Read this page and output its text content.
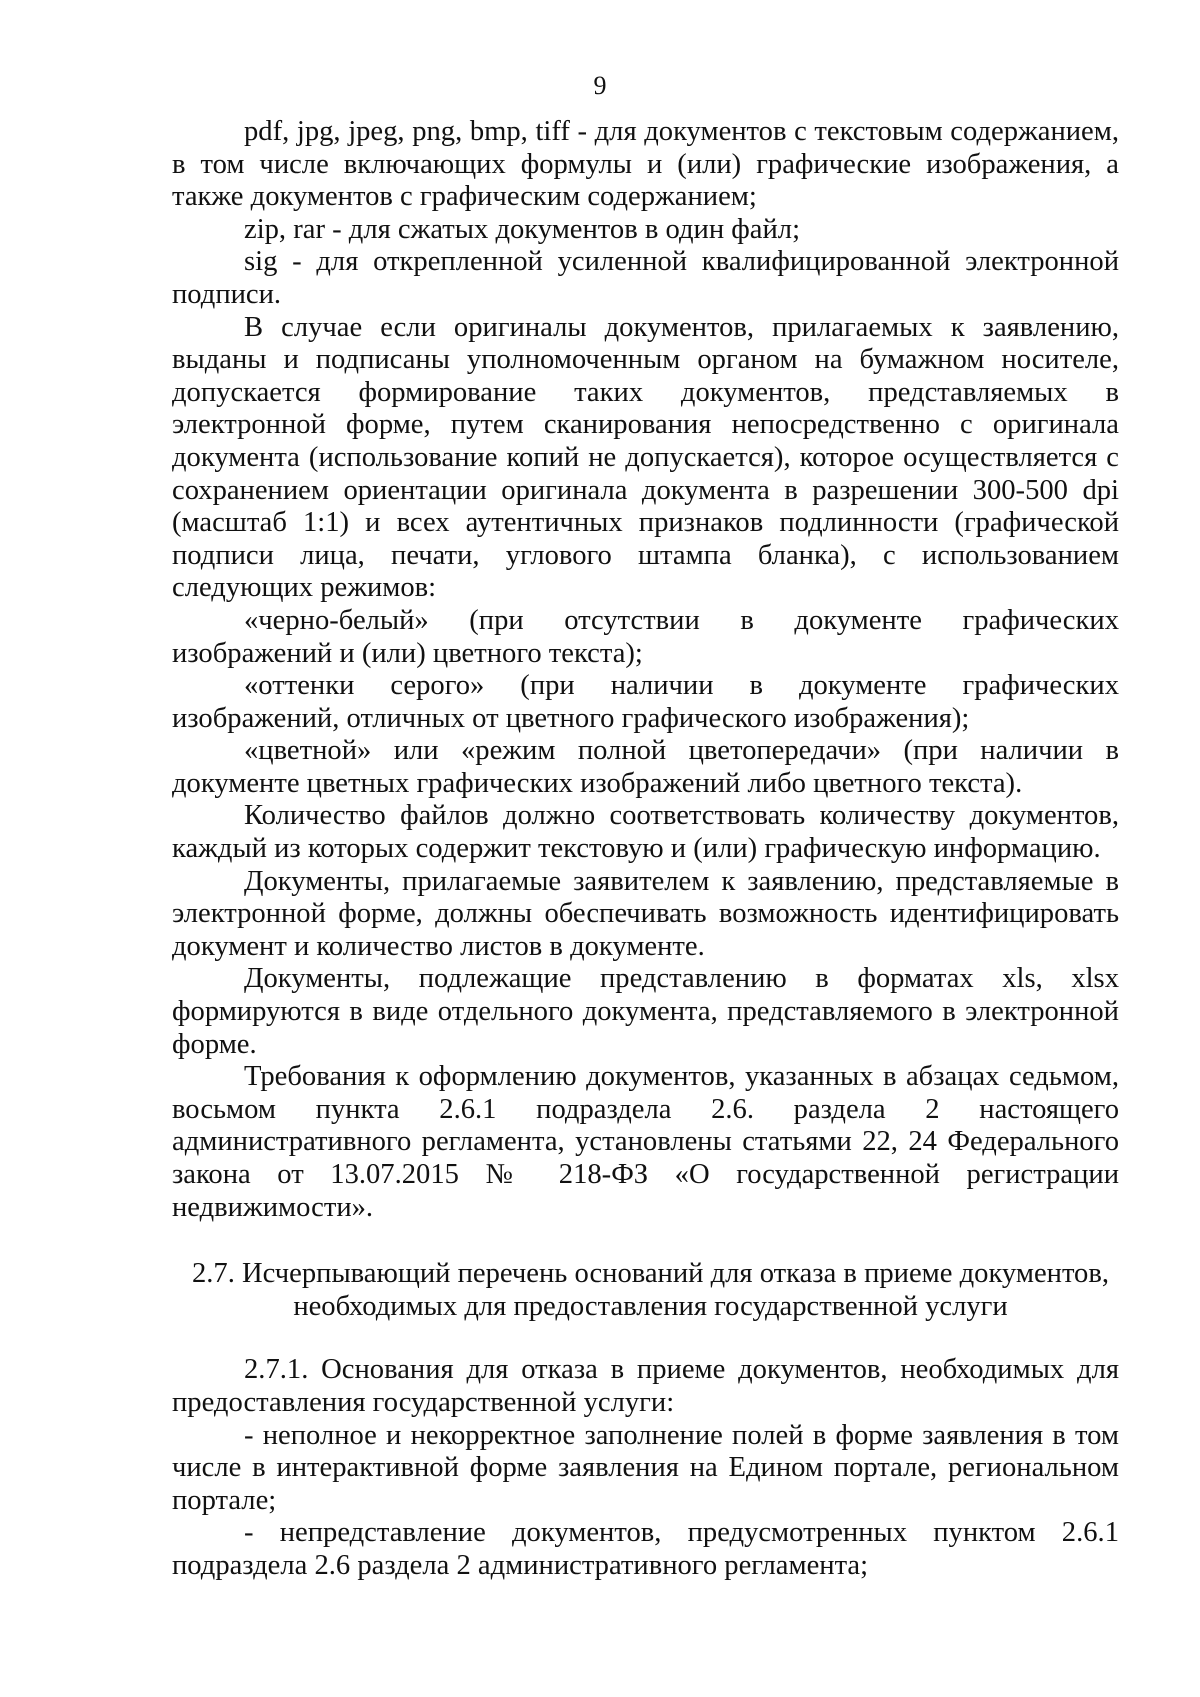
9

pdf, jpg, jpeg, png, bmp, tiff - для документов с текстовым содержанием, в том числе включающих формулы и (или) графические изображения, а также документов с графическим содержанием;

zip, rar - для сжатых документов в один файл;

sig - для открепленной усиленной квалифицированной электронной подписи.

В случае если оригиналы документов, прилагаемых к заявлению, выданы и подписаны уполномоченным органом на бумажном носителе, допускается формирование таких документов, представляемых в электронной форме, путем сканирования непосредственно с оригинала документа (использование копий не допускается), которое осуществляется с сохранением ориентации оригинала документа в разрешении 300-500 dpi (масштаб 1:1) и всех аутентичных признаков подлинности (графической подписи лица, печати, углового штампа бланка), с использованием следующих режимов:

«черно-белый» (при отсутствии в документе графических изображений и (или) цветного текста);

«оттенки серого» (при наличии в документе графических изображений, отличных от цветного графического изображения);

«цветной» или «режим полной цветопередачи» (при наличии в документе цветных графических изображений либо цветного текста).

Количество файлов должно соответствовать количеству документов, каждый из которых содержит текстовую и (или) графическую информацию.

Документы, прилагаемые заявителем к заявлению, представляемые в электронной форме, должны обеспечивать возможность идентифицировать документ и количество листов в документе.

Документы, подлежащие представлению в форматах xls, xlsx формируются в виде отдельного документа, представляемого в электронной форме.

Требования к оформлению документов, указанных в абзацах седьмом, восьмом пункта 2.6.1 подраздела 2.6. раздела 2 настоящего административного регламента, установлены статьями 22, 24 Федерального закона от 13.07.2015 № 218-ФЗ «О государственной регистрации недвижимости».

2.7. Исчерпывающий перечень оснований для отказа в приеме документов,
необходимых для предоставления государственной услуги

2.7.1. Основания для отказа в приеме документов, необходимых для предоставления государственной услуги:

- неполное и некорректное заполнение полей в форме заявления в том числе в интерактивной форме заявления на Едином портале, региональном портале;

- непредставление документов, предусмотренных пунктом 2.6.1 подраздела 2.6 раздела 2 административного регламента;
